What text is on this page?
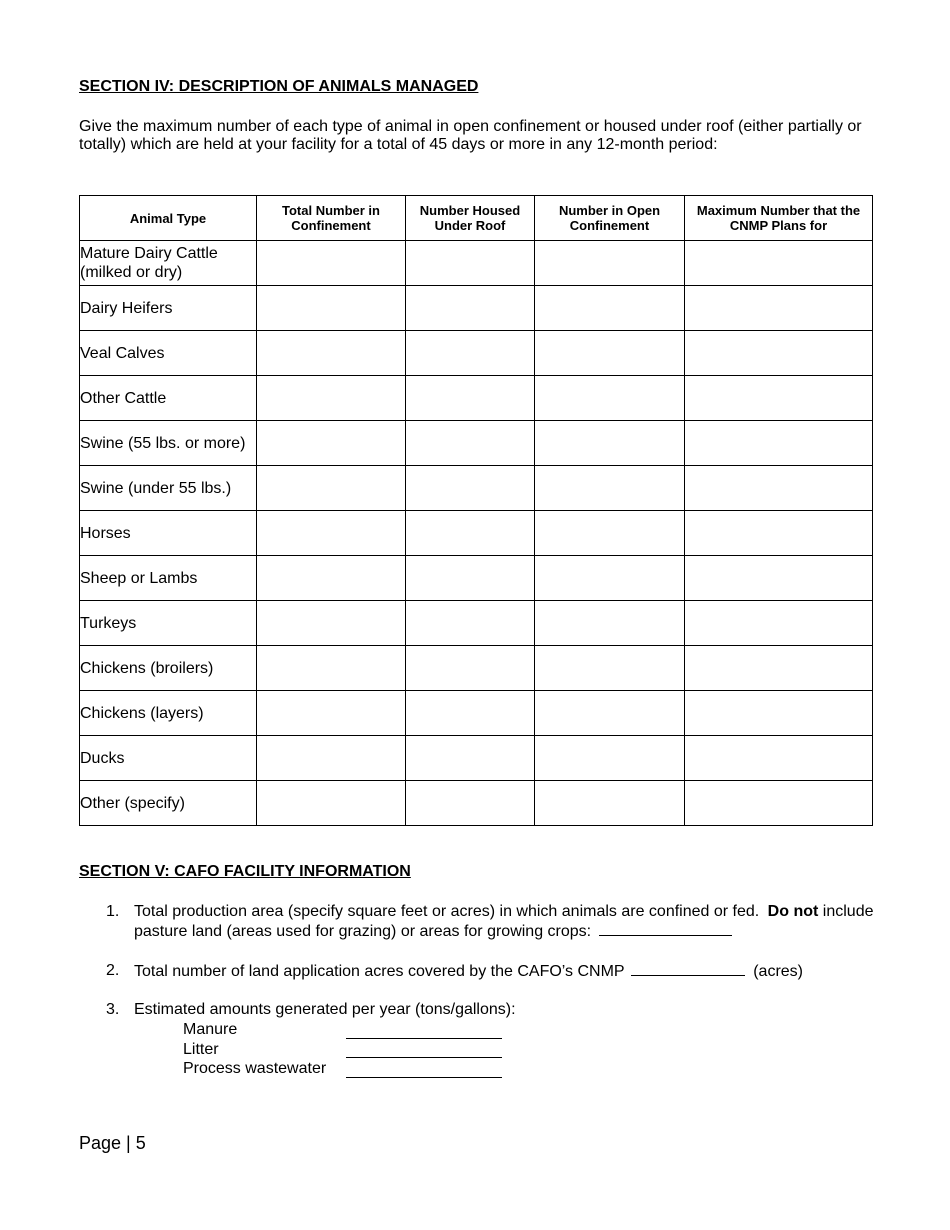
SECTION IV: DESCRIPTION OF ANIMALS MANAGED
Give the maximum number of each type of animal in open confinement or housed under roof (either partially or totally) which are held at your facility for a total of 45 days or more in any 12-month period:
Animal Type	Total Number in Confinement	Number Housed Under Roof	Number in Open Confinement	Maximum Number that the CNMP Plans for
Mature Dairy Cattle (milked or dry)				
Dairy Heifers				
Veal Calves				
Other Cattle				
Swine (55 lbs. or more)				
Swine (under 55 lbs.)				
Horses				
Sheep or Lambs				
Turkeys				
Chickens (broilers)				
Chickens (layers)				
Ducks				
Other (specify)				
SECTION V: CAFO FACILITY INFORMATION
1. Total production area (specify square feet or acres) in which animals are confined or fed. Do not include pasture land (areas used for grazing) or areas for growing crops:
2. Total number of land application acres covered by the CAFO’s CNMP	(acres)
3. Estimated amounts generated per year (tons/gallons):
Manure
Litter
Process wastewater
Page | 5
